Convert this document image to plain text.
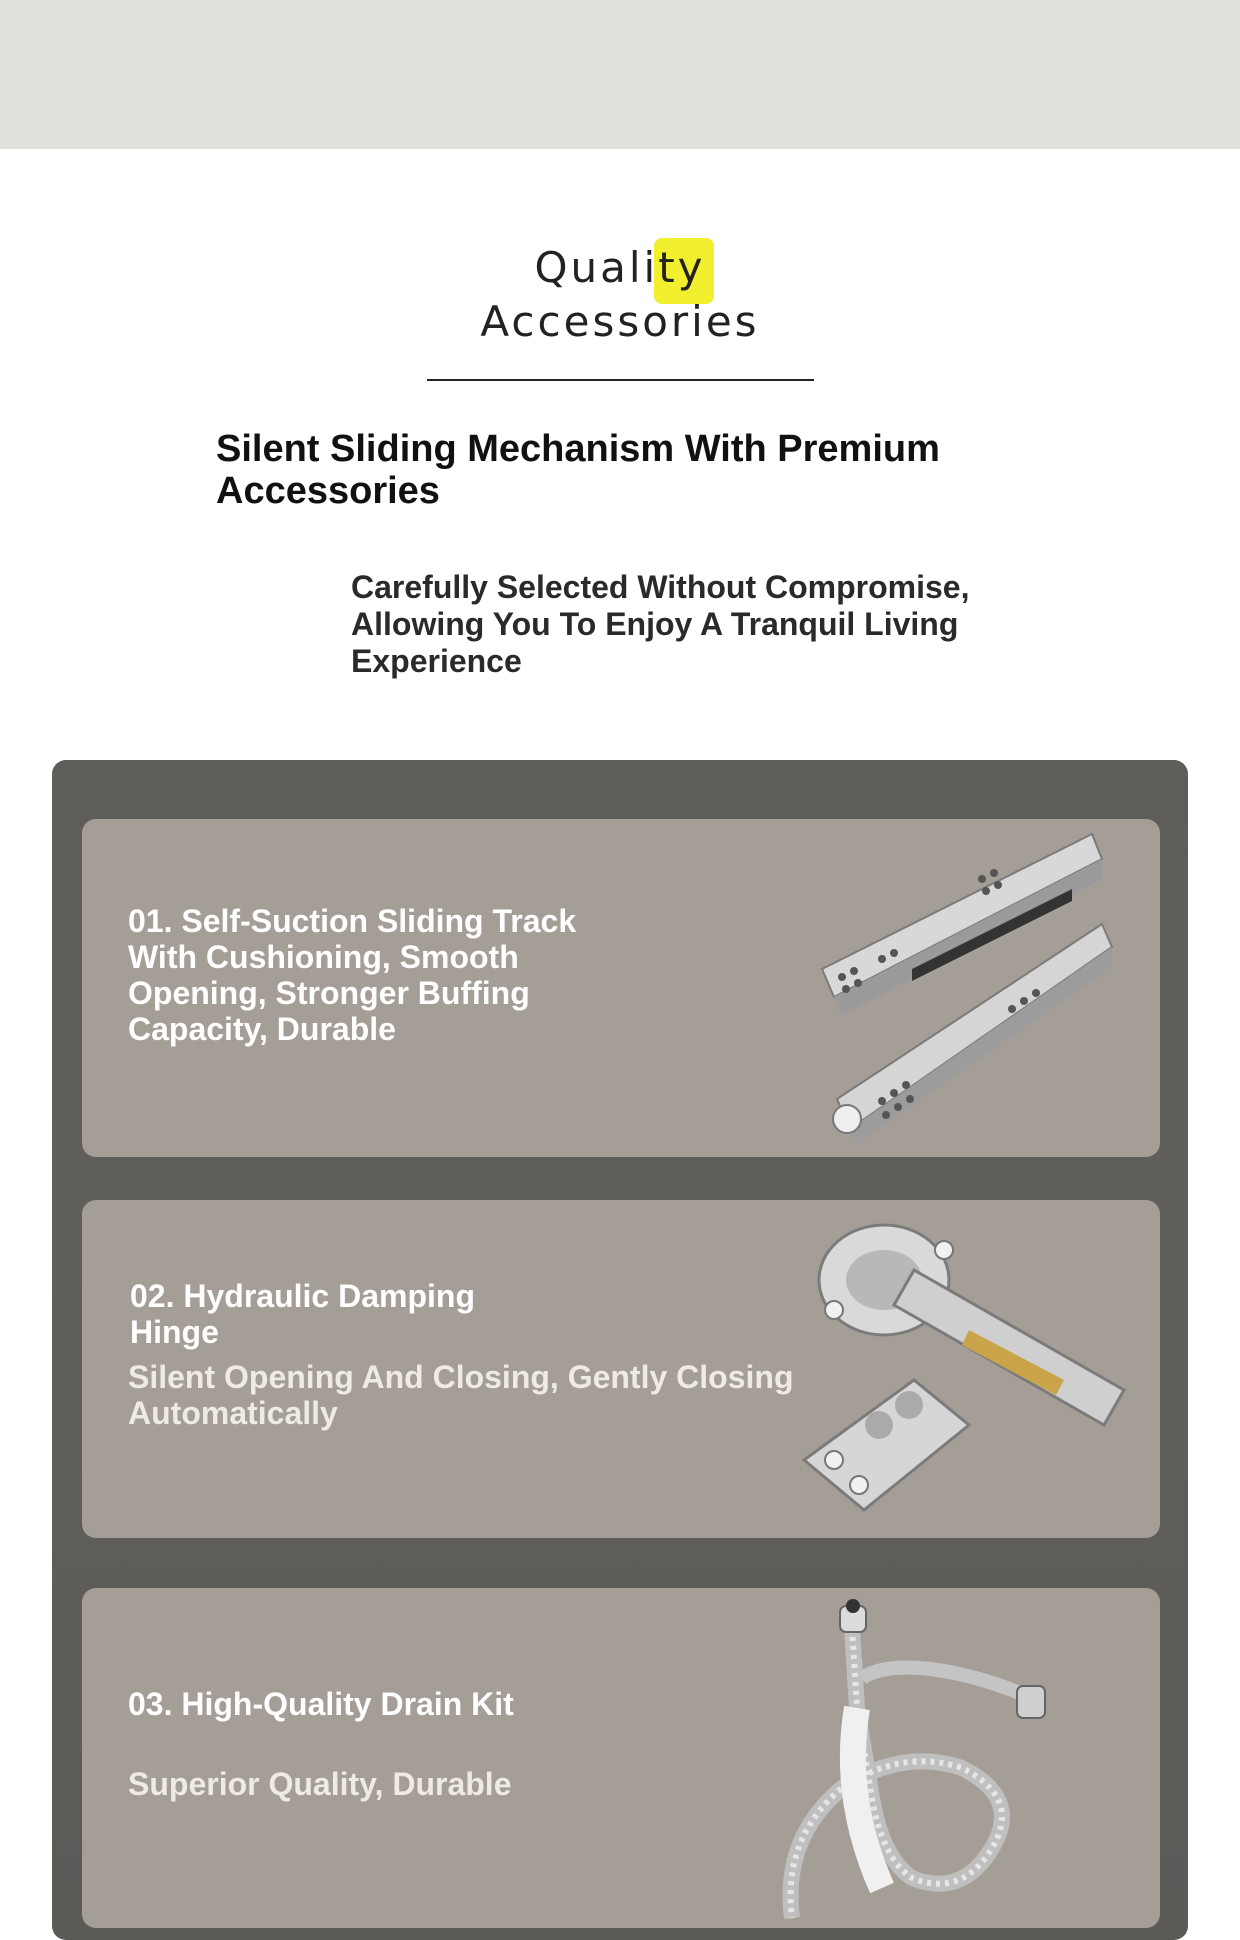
Quality
Accessories
Silent Sliding Mechanism With Premium Accessories
Carefully Selected Without Compromise, Allowing You To Enjoy A Tranquil Living Experience
01. Self-Suction Sliding Track With Cushioning, Smooth Opening, Stronger Buffing Capacity, Durable
02. Hydraulic Damping Hinge
Silent Opening And Closing, Gently Closing Automatically
03. High-Quality Drain Kit
Superior Quality, Durable
